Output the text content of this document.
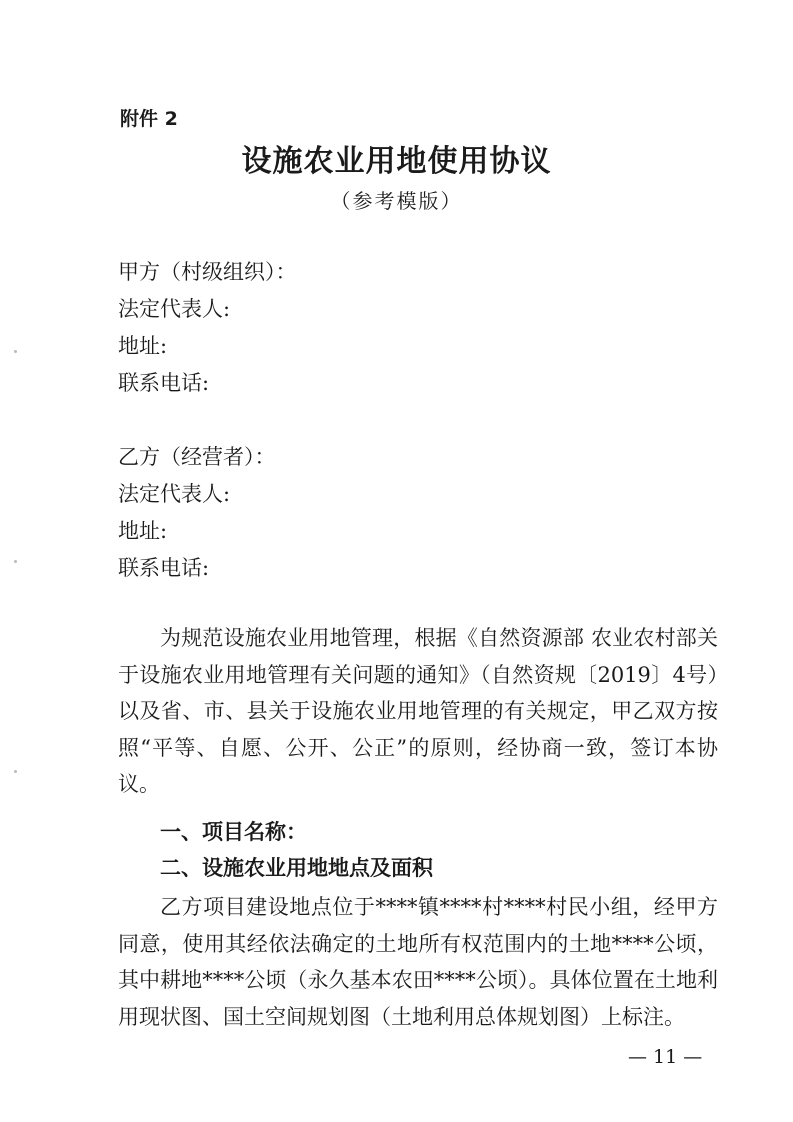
附件 2
设施农业用地使用协议
（参考模版）
甲方（村级组织）：
法定代表人:
地址:
联系电话:
乙方（经营者）：
法定代表人:
地址:
联系电话:
为规范设施农业用地管理，根据《自然资源部 农业农村部关于设施农业用地管理有关问题的通知》（自然资规〔2019〕4号）以及省、市、县关于设施农业用地管理的有关规定，甲乙双方按照“平等、自愿、公开、公正”的原则，经协商一致，签订本协议。
一、项目名称：
二、设施农业用地地点及面积
乙方项目建设地点位于****镇****村****村民小组，经甲方同意，使用其经依法确定的土地所有权范围内的土地****公顷，其中耕地****公顷（永久基本农田****公顷）。具体位置在土地利用现状图、国土空间规划图（土地利用总体规划图）上标注。
— 11 —
